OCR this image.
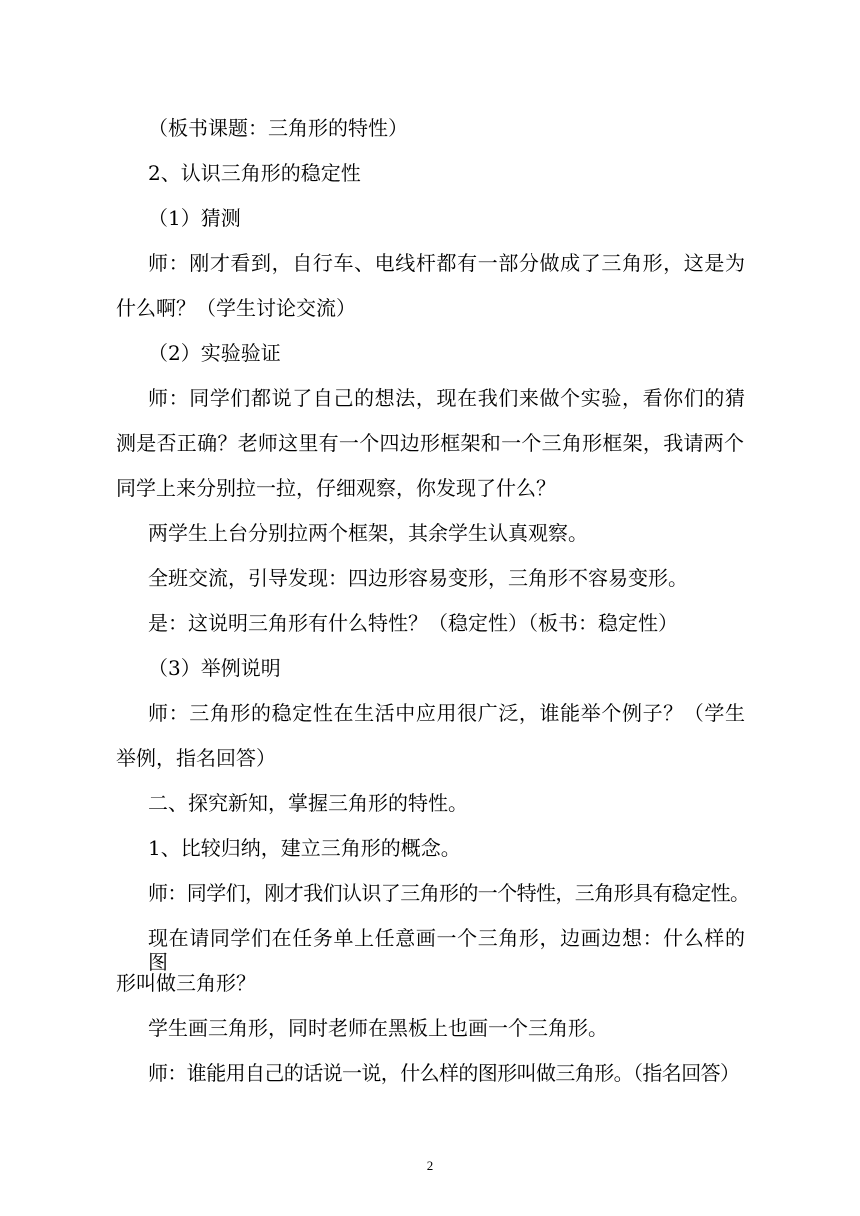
（板书课题：三角形的特性）
2、认识三角形的稳定性
（1）猜测
师：刚才看到，自行车、电线杆都有一部分做成了三角形，这是为
什么啊？（学生讨论交流）
（2）实验验证
师：同学们都说了自己的想法，现在我们来做个实验，看你们的猜
测是否正确？老师这里有一个四边形框架和一个三角形框架，我请两个
同学上来分别拉一拉，仔细观察，你发现了什么？
两学生上台分别拉两个框架，其余学生认真观察。
全班交流，引导发现：四边形容易变形，三角形不容易变形。
是：这说明三角形有什么特性？（稳定性）（板书：稳定性）
（3）举例说明
师：三角形的稳定性在生活中应用很广泛，谁能举个例子？（学生
举例，指名回答）
二、探究新知，掌握三角形的特性。
1、比较归纳，建立三角形的概念。
师：同学们，刚才我们认识了三角形的一个特性，三角形具有稳定性。
现在请同学们在任务单上任意画一个三角形，边画边想：什么样的图
形叫做三角形？
学生画三角形，同时老师在黑板上也画一个三角形。
师：谁能用自己的话说一说，什么样的图形叫做三角形。（指名回答）
2
